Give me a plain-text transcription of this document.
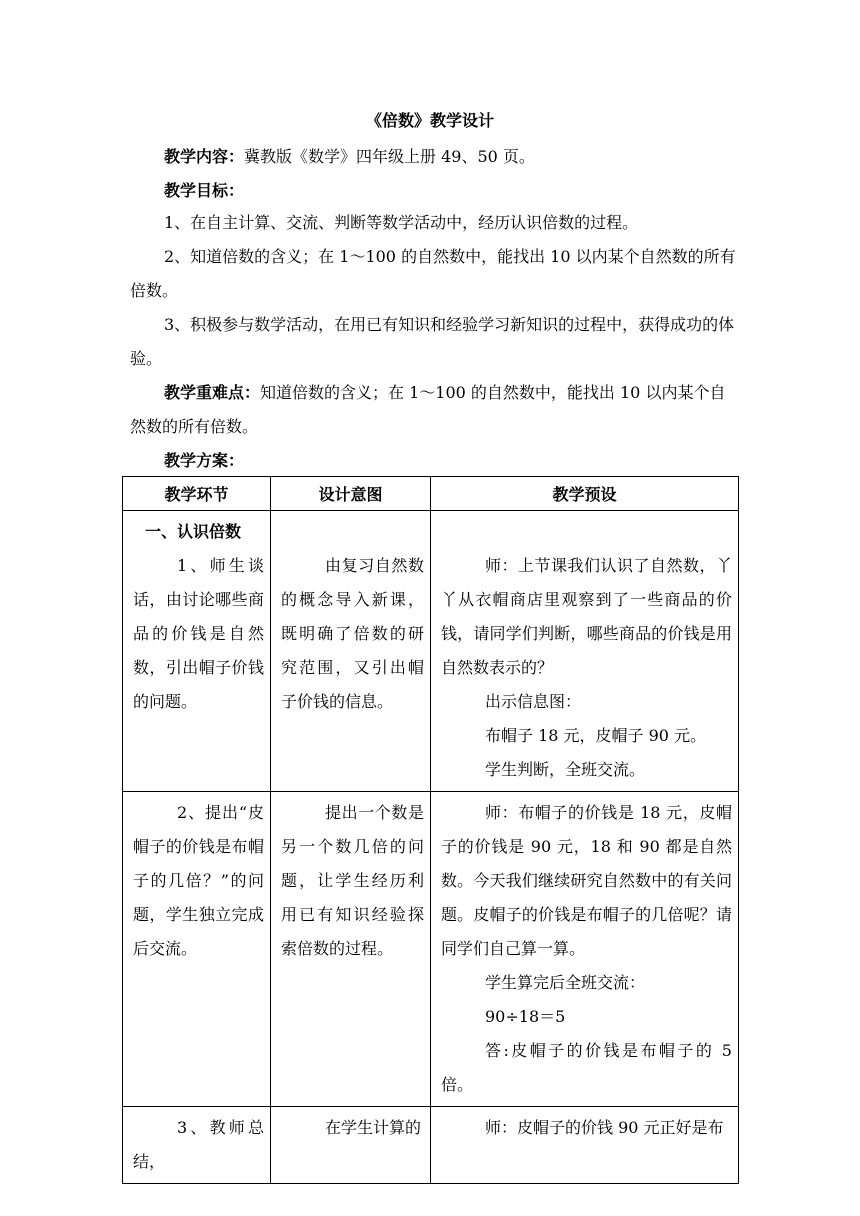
《倍数》教学设计
教学内容：冀教版《数学》四年级上册 49、50 页。
教学目标：
1、在自主计算、交流、判断等数学活动中，经历认识倍数的过程。
2、知道倍数的含义；在 1～100 的自然数中，能找出 10 以内某个自然数的所有倍数。
3、积极参与数学活动，在用已有知识和经验学习新知识的过程中，获得成功的体验。
教学重难点：知道倍数的含义；在 1～100 的自然数中，能找出 10 以内某个自然数的所有倍数。
教学方案：
教学环节	设计意图	教学预设

一、认识倍数
1、师生谈话，由讨论哪些商品的价钱是自然数，引出帽子价钱的问题。	由复习自然数的概念导入新课，既明确了倍数的研究范围，又引出帽子价钱的信息。	师：上节课我们认识了自然数，丫丫从衣帽商店里观察到了一些商品的价钱，请同学们判断，哪些商品的价钱是用自然数表示的？
出示信息图：
布帽子 18 元，皮帽子 90 元。
学生判断，全班交流。

2、提出“皮帽子的价钱是布帽子的几倍？”的问题，学生独立完成后交流。	提出一个数是另一个数几倍的问题，让学生经历利用已有知识经验探索倍数的过程。	师：布帽子的价钱是 18 元，皮帽子的价钱是 90 元，18 和 90 都是自然数。今天我们继续研究自然数中的有关问题。皮帽子的价钱是布帽子的几倍呢？请同学们自己算一算。
学生算完后全班交流：
90÷18＝5
答:皮帽子的价钱是布帽子的 5 倍。

3、教师总结，	在学生计算的	师：皮帽子的价钱 90 元正好是布
